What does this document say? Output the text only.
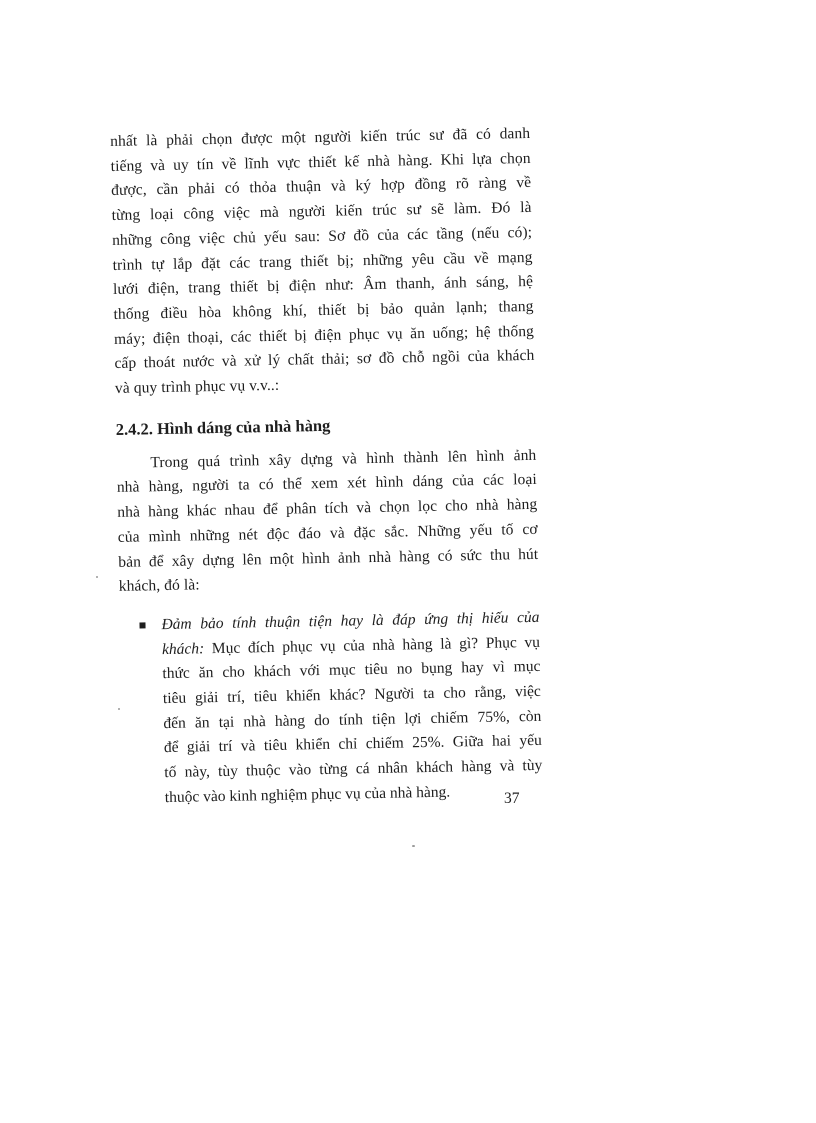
nhất là phải chọn được một người kiến trúc sư đã có danh
tiếng và uy tín về lĩnh vực thiết kế nhà hàng. Khi lựa chọn
được, cần phải có thỏa thuận và ký hợp đồng rõ ràng về
từng loại công việc mà người kiến trúc sư sẽ làm. Đó là
những công việc chủ yếu sau: Sơ đồ của các tầng (nếu có);
trình tự lắp đặt các trang thiết bị; những yêu cầu về mạng
lưới điện, trang thiết bị điện như: Âm thanh, ánh sáng, hệ
thống điều hòa không khí, thiết bị bảo quản lạnh; thang
máy; điện thoại, các thiết bị điện phục vụ ăn uống; hệ thống
cấp thoát nước và xử lý chất thải; sơ đồ chỗ ngồi của khách
và quy trình phục vụ v.v..:
2.4.2. Hình dáng của nhà hàng
Trong quá trình xây dựng và hình thành lên hình ảnh
nhà hàng, người ta có thể xem xét hình dáng của các loại
nhà hàng khác nhau để phân tích và chọn lọc cho nhà hàng
của mình những nét độc đáo và đặc sắc. Những yếu tố cơ
bản để xây dựng lên một hình ảnh nhà hàng có sức thu hút
khách, đó là:
Đảm bảo tính thuận tiện hay là đáp ứng thị hiếu của
khách: Mục đích phục vụ của nhà hàng là gì? Phục vụ
thức ăn cho khách với mục tiêu no bụng hay vì mục
tiêu giải trí, tiêu khiển khác? Người ta cho rằng, việc
đến ăn tại nhà hàng do tính tiện lợi chiếm 75%, còn
để giải trí và tiêu khiển chỉ chiếm 25%. Giữa hai yếu
tố này, tùy thuộc vào từng cá nhân khách hàng và tùy
thuộc vào kinh nghiệm phục vụ của nhà hàng.	37
